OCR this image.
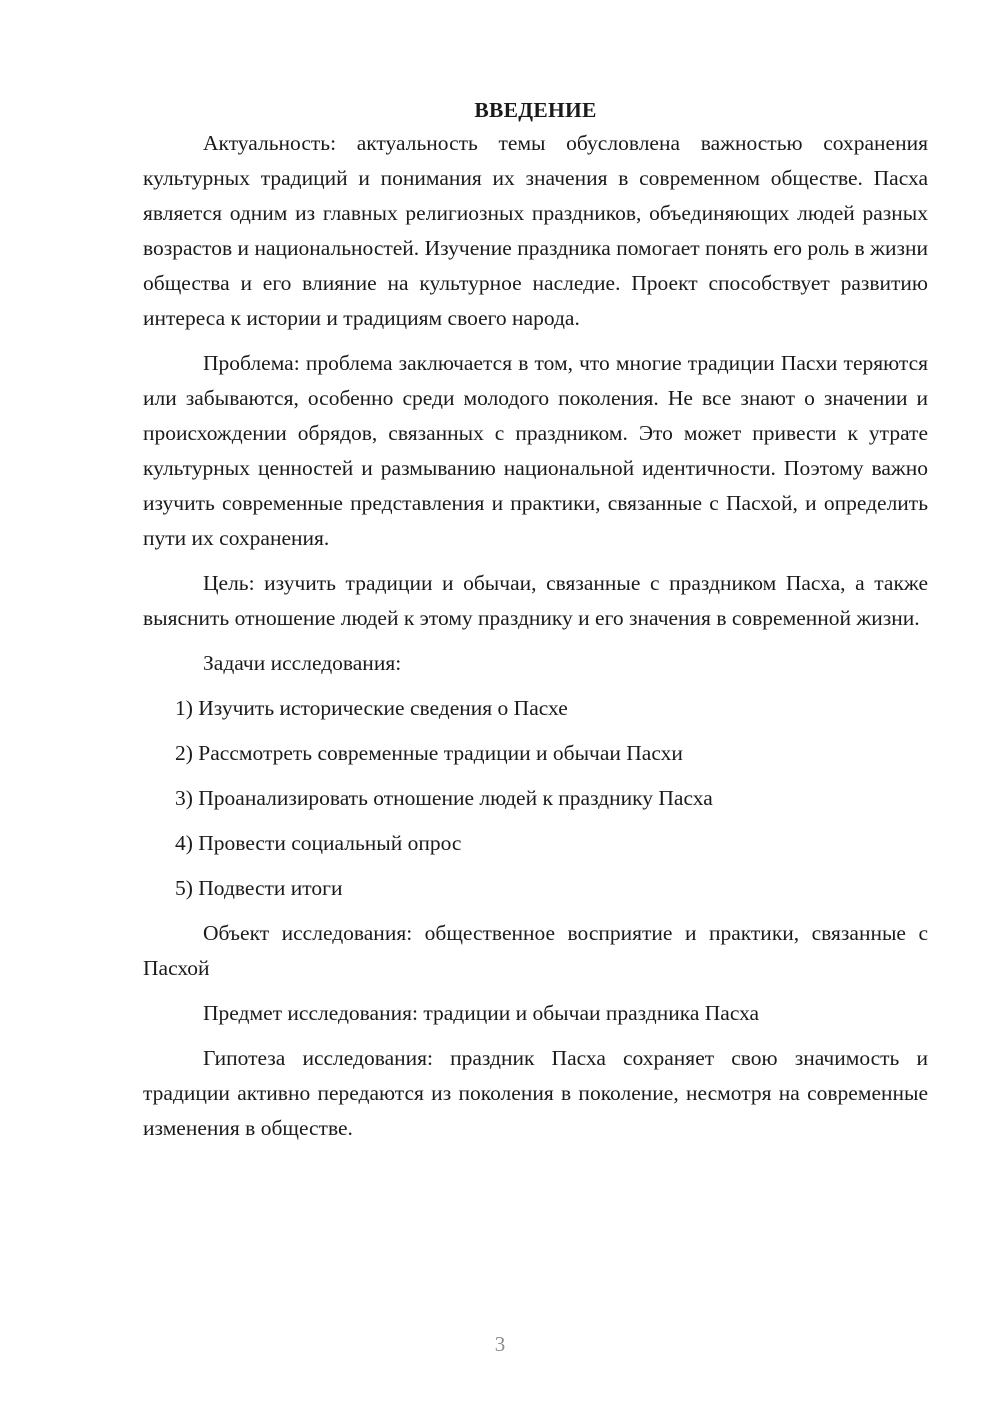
ВВЕДЕНИЕ

Актуальность: актуальность темы обусловлена важностью сохранения культурных традиций и понимания их значения в современном обществе. Пасха является одним из главных религиозных праздников, объединяющих людей разных возрастов и национальностей. Изучение праздника помогает понять его роль в жизни общества и его влияние на культурное наследие. Проект способствует развитию интереса к истории и традициям своего народа.

Проблема: проблема заключается в том, что многие традиции Пасхи теряются или забываются, особенно среди молодого поколения. Не все знают о значении и происхождении обрядов, связанных с праздником. Это может привести к утрате культурных ценностей и размыванию национальной идентичности. Поэтому важно изучить современные представления и практики, связанные с Пасхой, и определить пути их сохранения.

Цель: изучить традиции и обычаи, связанные с праздником Пасха, а также выяснить отношение людей к этому празднику и его значения в современной жизни.

Задачи исследования:

1) Изучить исторические сведения о Пасхе

2) Рассмотреть современные традиции и обычаи Пасхи

3) Проанализировать отношение людей к празднику Пасха

4) Провести социальный опрос

5) Подвести итоги

Объект исследования: общественное восприятие и практики, связанные с Пасхой

Предмет исследования: традиции и обычаи праздника Пасха

Гипотеза исследования: праздник Пасха сохраняет свою значимость и традиции активно передаются из поколения в поколение, несмотря на современные изменения в обществе.

3
